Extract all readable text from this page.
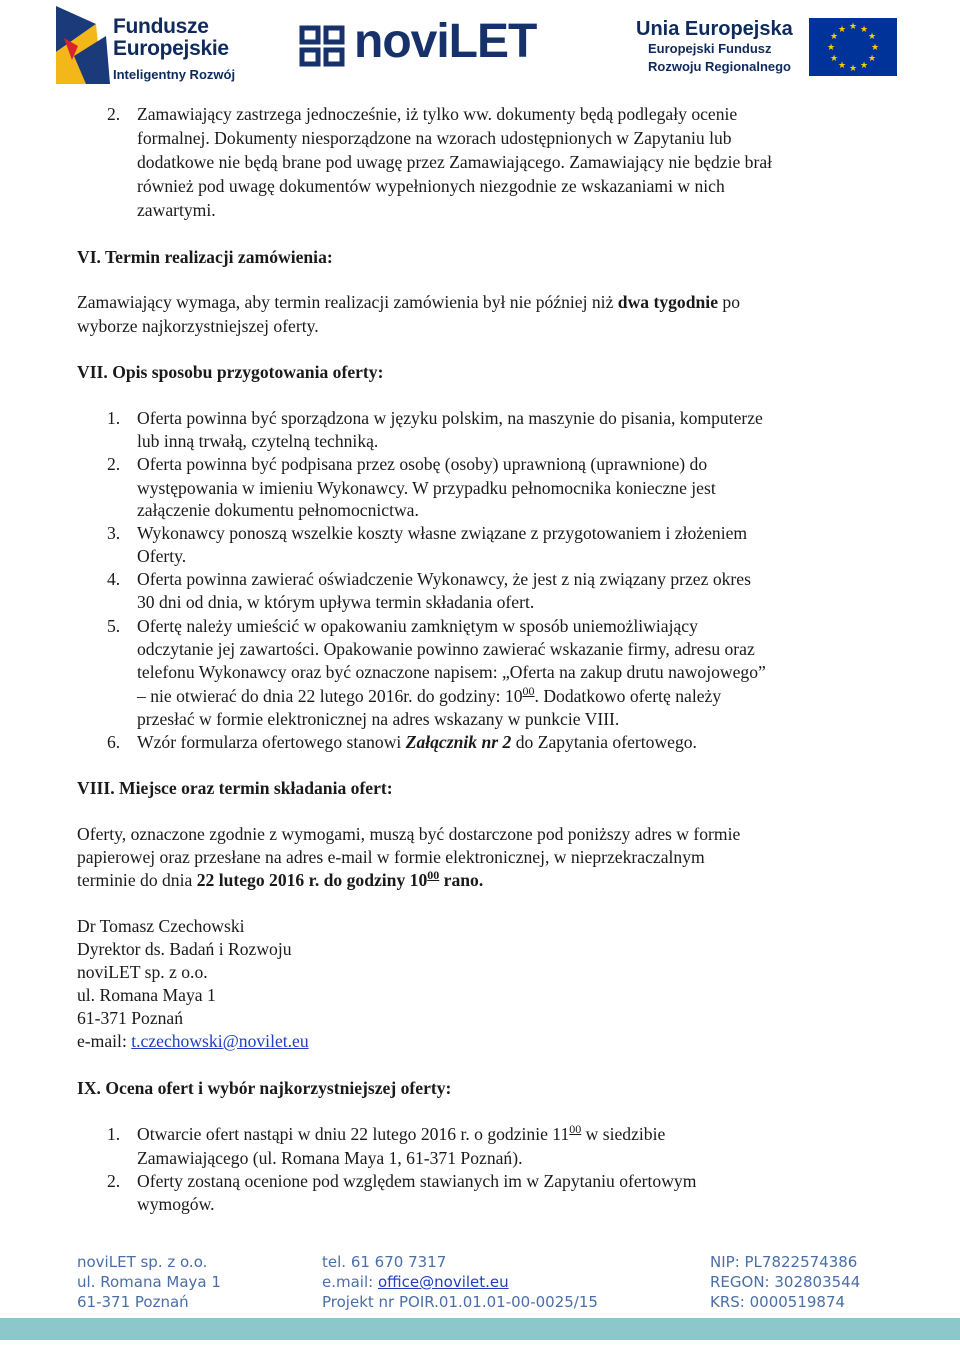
Fundusze
Europejskie
Inteligentny Rozwój
noviLET	Unia Europejska
Europejski Fundusz
Rozwoju Regionalnego
★ ★
★
★
★
★
★
★
★
★
★
★
2. Zamawiający zastrzega jednocześnie, iż tylko ww. dokumenty będą podlegały ocenie
formalnej. Dokumenty niesporządzone na wzorach udostępnionych w Zapytaniu lub
dodatkowe nie będą brane pod uwagę przez Zamawiającego. Zamawiający nie będzie brał
również pod uwagę dokumentów wypełnionych niezgodnie ze wskazaniami w nich
zawartymi.
VI. Termin realizacji zamówienia:
Zamawiający wymaga, aby termin realizacji zamówienia był nie później niż dwa tygodnie po
wyborze najkorzystniejszej oferty.
VII. Opis sposobu przygotowania oferty:
1. Oferta powinna być sporządzona w języku polskim, na maszynie do pisania, komputerze
lub inną trwałą, czytelną techniką.
2. Oferta powinna być podpisana przez osobę (osoby) uprawnioną (uprawnione) do
występowania w imieniu Wykonawcy. W przypadku pełnomocnika konieczne jest
załączenie dokumentu pełnomocnictwa.
3. Wykonawcy ponoszą wszelkie koszty własne związane z przygotowaniem i złożeniem
Oferty.
4. Oferta powinna zawierać oświadczenie Wykonawcy, że jest z nią związany przez okres
30 dni od dnia, w którym upływa termin składania ofert.
5. Ofertę należy umieścić w opakowaniu zamkniętym w sposób uniemożliwiający
odczytanie jej zawartości. Opakowanie powinno zawierać wskazanie firmy, adresu oraz
telefonu Wykonawcy oraz być oznaczone napisem: „Oferta na zakup drutu nawojowego”
– nie otwierać do dnia 22 lutego 2016r. do godziny: $10^{00}$. Dodatkowo ofertę należy
przesłać w formie elektronicznej na adres wskazany w punkcie VIII.
6. Wzór formularza ofertowego stanowi Załącznik nr 2 do Zapytania ofertowego.
VIII. Miejsce oraz termin składania ofert:
Oferty, oznaczone zgodnie z wymogami, muszą być dostarczone pod poniższy adres w formie
papierowej oraz przesłane na adres e-mail w formie elektronicznej, w nieprzekraczalnym
terminie do dnia 22 lutego 2016 r. do godziny $10^{00}$ rano.
Dr Tomasz Czechowski
Dyrektor ds. Badań i Rozwoju
noviLET sp. z o.o.
ul. Romana Maya 1
61-371 Poznań
e-mail: t.czechowski@novilet.eu
IX. Ocena ofert i wybór najkorzystniejszej oferty:
1. Otwarcie ofert nastąpi w dniu 22 lutego 2016 r. o godzinie $11^{00}$ w siedzibie
Zamawiającego (ul. Romana Maya 1, 61-371 Poznań).
2. Oferty zostaną ocenione pod względem stawianych im w Zapytaniu ofertowym
wymogów.
noviLET sp. z o.o.
ul. Romana Maya 1
61-371 Poznań
tel. 61 670 7317
e.mail: office@novilet.eu
Projekt nr POIR.01.01.01-00-0025/15
NIP: PL7822574386
REGON: 302803544
KRS: 0000519874
